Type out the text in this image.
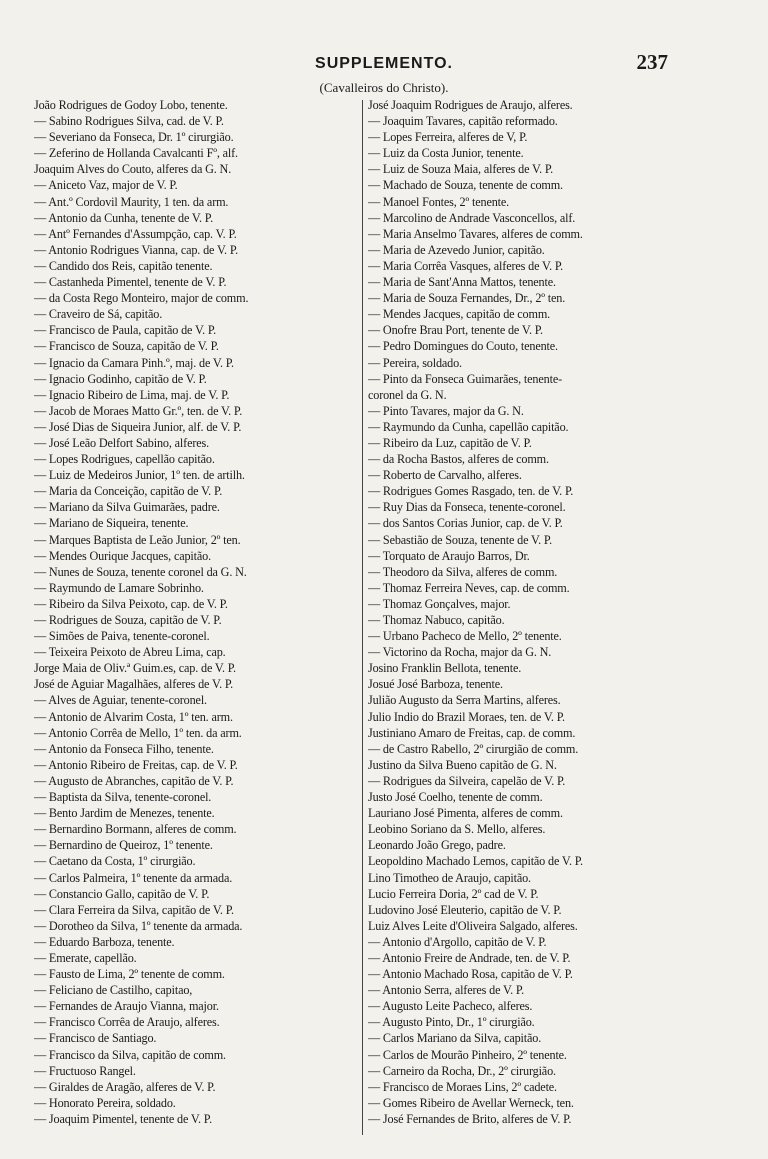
SUPPLEMENTO.	237
(Cavalleiros do Christo).
João Rodrigues de Godoy Lobo, tenente.
— Sabino Rodrigues Silva, cad. de V. P.
— Severiano da Fonseca, Dr. 1º cirurgião.
— Zeferino de Hollanda Cavalcanti Fº, alf.
Joaquim Alves do Couto, alferes da G. N.
— Aniceto Vaz, major de V. P.
— Ant.º Cordovil Maurity, 1 ten. da arm.
— Antonio da Cunha, tenente de V. P.
— Antº Fernandes d'Assumpção, cap. V. P.
— Antonio Rodrigues Vianna, cap. de V. P.
— Candido dos Reis, capitão tenente.
— Castanheda Pimentel, tenente de V. P.
— da Costa Rego Monteiro, major de comm.
— Craveiro de Sá, capitão.
— Francisco de Paula, capitão de V. P.
— Francisco de Souza, capitão de V. P.
— Ignacio da Camara Pinh.º, maj. de V. P.
— Ignacio Godinho, capitão de V. P.
— Ignacio Ribeiro de Lima, maj. de V. P.
— Jacob de Moraes Matto Gr.º, ten. de V. P.
— José Dias de Siqueira Junior, alf. de V. P.
— José Leão Delfort Sabino, alferes.
— Lopes Rodrigues, capellão capitão.
— Luiz de Medeiros Junior, 1º ten. de artilh.
— Maria da Conceição, capitão de V. P.
— Mariano da Silva Guimarães, padre.
— Mariano de Siqueira, tenente.
— Marques Baptista de Leão Junior, 2º ten.
— Mendes Ourique Jacques, capitão.
— Nunes de Souza, tenente coronel da G. N.
— Raymundo de Lamare Sobrinho.
— Ribeiro da Silva Peixoto, cap. de V. P.
— Rodrigues de Souza, capitão de V. P.
— Simões de Paiva, tenente-coronel.
— Teixeira Peixoto de Abreu Lima, cap.
Jorge Maia de Oliv.ª Guim.es, cap. de V. P.
José de Aguiar Magalhães, alferes de V. P.
— Alves de Aguiar, tenente-coronel.
— Antonio de Alvarim Costa, 1º ten. arm.
— Antonio Corrêa de Mello, 1º ten. da arm.
— Antonio da Fonseca Filho, tenente.
— Antonio Ribeiro de Freitas, cap. de V. P.
— Augusto de Abranches, capitão de V. P.
— Baptista da Silva, tenente-coronel.
— Bento Jardim de Menezes, tenente.
— Bernardino Bormann, alferes de comm.
— Bernardino de Queiroz, 1º tenente.
— Caetano da Costa, 1º cirurgião.
— Carlos Palmeira, 1º tenente da armada.
— Constancio Gallo, capitão de V. P.
— Clara Ferreira da Silva, capitão de V. P.
— Dorotheo da Silva, 1º tenente da armada.
— Eduardo Barboza, tenente.
— Emerate, capellão.
— Fausto de Lima, 2º tenente de comm.
— Feliciano de Castilho, capitao,
— Fernandes de Araujo Vianna, major.
— Francisco Corrêa de Araujo, alferes.
— Francisco de Santiago.
— Francisco da Silva, capitão de comm.
— Fructuoso Rangel.
— Giraldes de Aragão, alferes de V. P.
— Honorato Pereira, soldado.
— Joaquim Pimentel, tenente de V. P.
José Joaquim Rodrigues de Araujo, alferes.
— Joaquim Tavares, capitão reformado.
— Lopes Ferreira, alferes de V, P.
— Luiz da Costa Junior, tenente.
— Luiz de Souza Maia, alferes de V. P.
— Machado de Souza, tenente de comm.
— Manoel Fontes, 2º tenente.
— Marcolino de Andrade Vasconcellos, alf.
— Maria Anselmo Tavares, alferes de comm.
— Maria de Azevedo Junior, capitão.
— Maria Corrêa Vasques, alferes de V. P.
— Maria de Sant'Anna Mattos, tenente.
— Maria de Souza Fernandes, Dr., 2º ten.
— Mendes Jacques, capitão de comm.
— Onofre Brau Port, tenente de V. P.
— Pedro Domingues do Couto, tenente.
— Pereira, soldado.
— Pinto da Fonseca Guimarães, tenente-
coronel da G. N.
— Pinto Tavares, major da G. N.
— Raymundo da Cunha, capellão capitão.
— Ribeiro da Luz, capitão de V. P.
— da Rocha Bastos, alferes de comm.
— Roberto de Carvalho, alferes.
— Rodrigues Gomes Rasgado, ten. de V. P.
— Ruy Dias da Fonseca, tenente-coronel.
— dos Santos Corias Junior, cap. de V. P.
— Sebastião de Souza, tenente de V. P.
— Torquato de Araujo Barros, Dr.
— Theodoro da Silva, alferes de comm.
— Thomaz Ferreira Neves, cap. de comm.
— Thomaz Gonçalves, major.
— Thomaz Nabuco, capitão.
— Urbano Pacheco de Mello, 2º tenente.
— Victorino da Rocha, major da G. N.
Josino Franklin Bellota, tenente.
Josué José Barboza, tenente.
Julião Augusto da Serra Martins, alferes.
Julio Indio do Brazil Moraes, ten. de V. P.
Justiniano Amaro de Freitas, cap. de comm.
— de Castro Rabello, 2º cirurgião de comm.
Justino da Silva Bueno capitão de G. N.
— Rodrigues da Silveira, capelão de V. P.
Justo José Coelho, tenente de comm.
Lauriano José Pimenta, alferes de comm.
Leobino Soriano da S. Mello, alferes.
Leonardo João Grego, padre.
Leopoldino Machado Lemos, capitão de V. P.
Lino Timotheo de Araujo, capitão.
Lucio Ferreira Doria, 2º cad de V. P.
Ludovino José Eleuterio, capitão de V. P.
Luiz Alves Leite d'Oliveira Salgado, alferes.
— Antonio d'Argollo, capitão de V. P.
— Antonio Freire de Andrade, ten. de V. P.
— Antonio Machado Rosa, capitão de V. P.
— Antonio Serra, alferes de V. P.
— Augusto Leite Pacheco, alferes.
— Augusto Pinto, Dr., 1º cirurgião.
— Carlos Mariano da Silva, capitão.
— Carlos de Mourão Pinheiro, 2º tenente.
— Carneiro da Rocha, Dr., 2º cirurgião.
— Francisco de Moraes Lins, 2º cadete.
— Gomes Ribeiro de Avellar Werneck, ten.
— José Fernandes de Brito, alferes de V. P.
